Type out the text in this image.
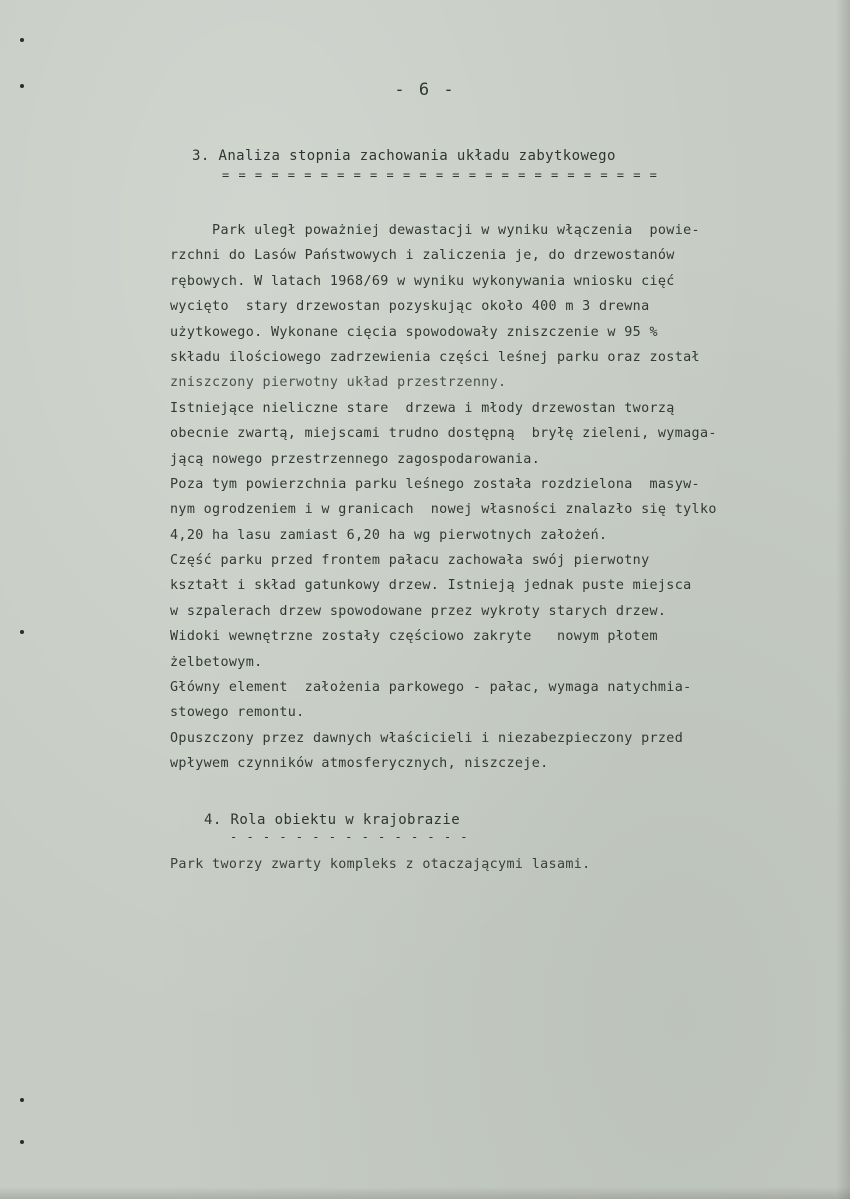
- 6 -
3. Analiza stopnia zachowania układu zabytkowego
= = = = = = = = = = = = = = = = = = = = = = = = = = =
Park uległ poważniej dewastacji w wyniku włączenia  powie-
rzchni do Lasów Państwowych i zaliczenia je, do drzewostanów
rębowych. W latach 1968/69 w wyniku wykonywania wniosku cięć
wycięto  stary drzewostan pozyskując około 400 m 3 drewna
użytkowego. Wykonane cięcia spowodowały zniszczenie w 95 %
składu ilościowego zadrzewienia części leśnej parku oraz został
zniszczony pierwotny układ przestrzenny.
Istniejące nieliczne stare  drzewa i młody drzewostan tworzą
obecnie zwartą, miejscami trudno dostępną  bryłę zieleni, wymaga-
jącą nowego przestrzennego zagospodarowania.
Poza tym powierzchnia parku leśnego została rozdzielona  masyw-
nym ogrodzeniem i w granicach  nowej własności znalazło się tylko
4,20 ha lasu zamiast 6,20 ha wg pierwotnych założeń.
Część parku przed frontem pałacu zachowała swój pierwotny
kształt i skład gatunkowy drzew. Istnieją jednak puste miejsca
w szpalerach drzew spowodowane przez wykroty starych drzew.
Widoki wewnętrzne zostały częściowo zakryte   nowym płotem
żelbetowym.
Główny element  założenia parkowego - pałac, wymaga natychmia-
stowego remontu.
Opuszczony przez dawnych właścicieli i niezabezpieczony przed
wpływem czynników atmosferycznych, niszczeje.
4. Rola obiektu w krajobrazie
- - - - - - - - - - - - - - -
Park tworzy zwarty kompleks z otaczającymi lasami.
